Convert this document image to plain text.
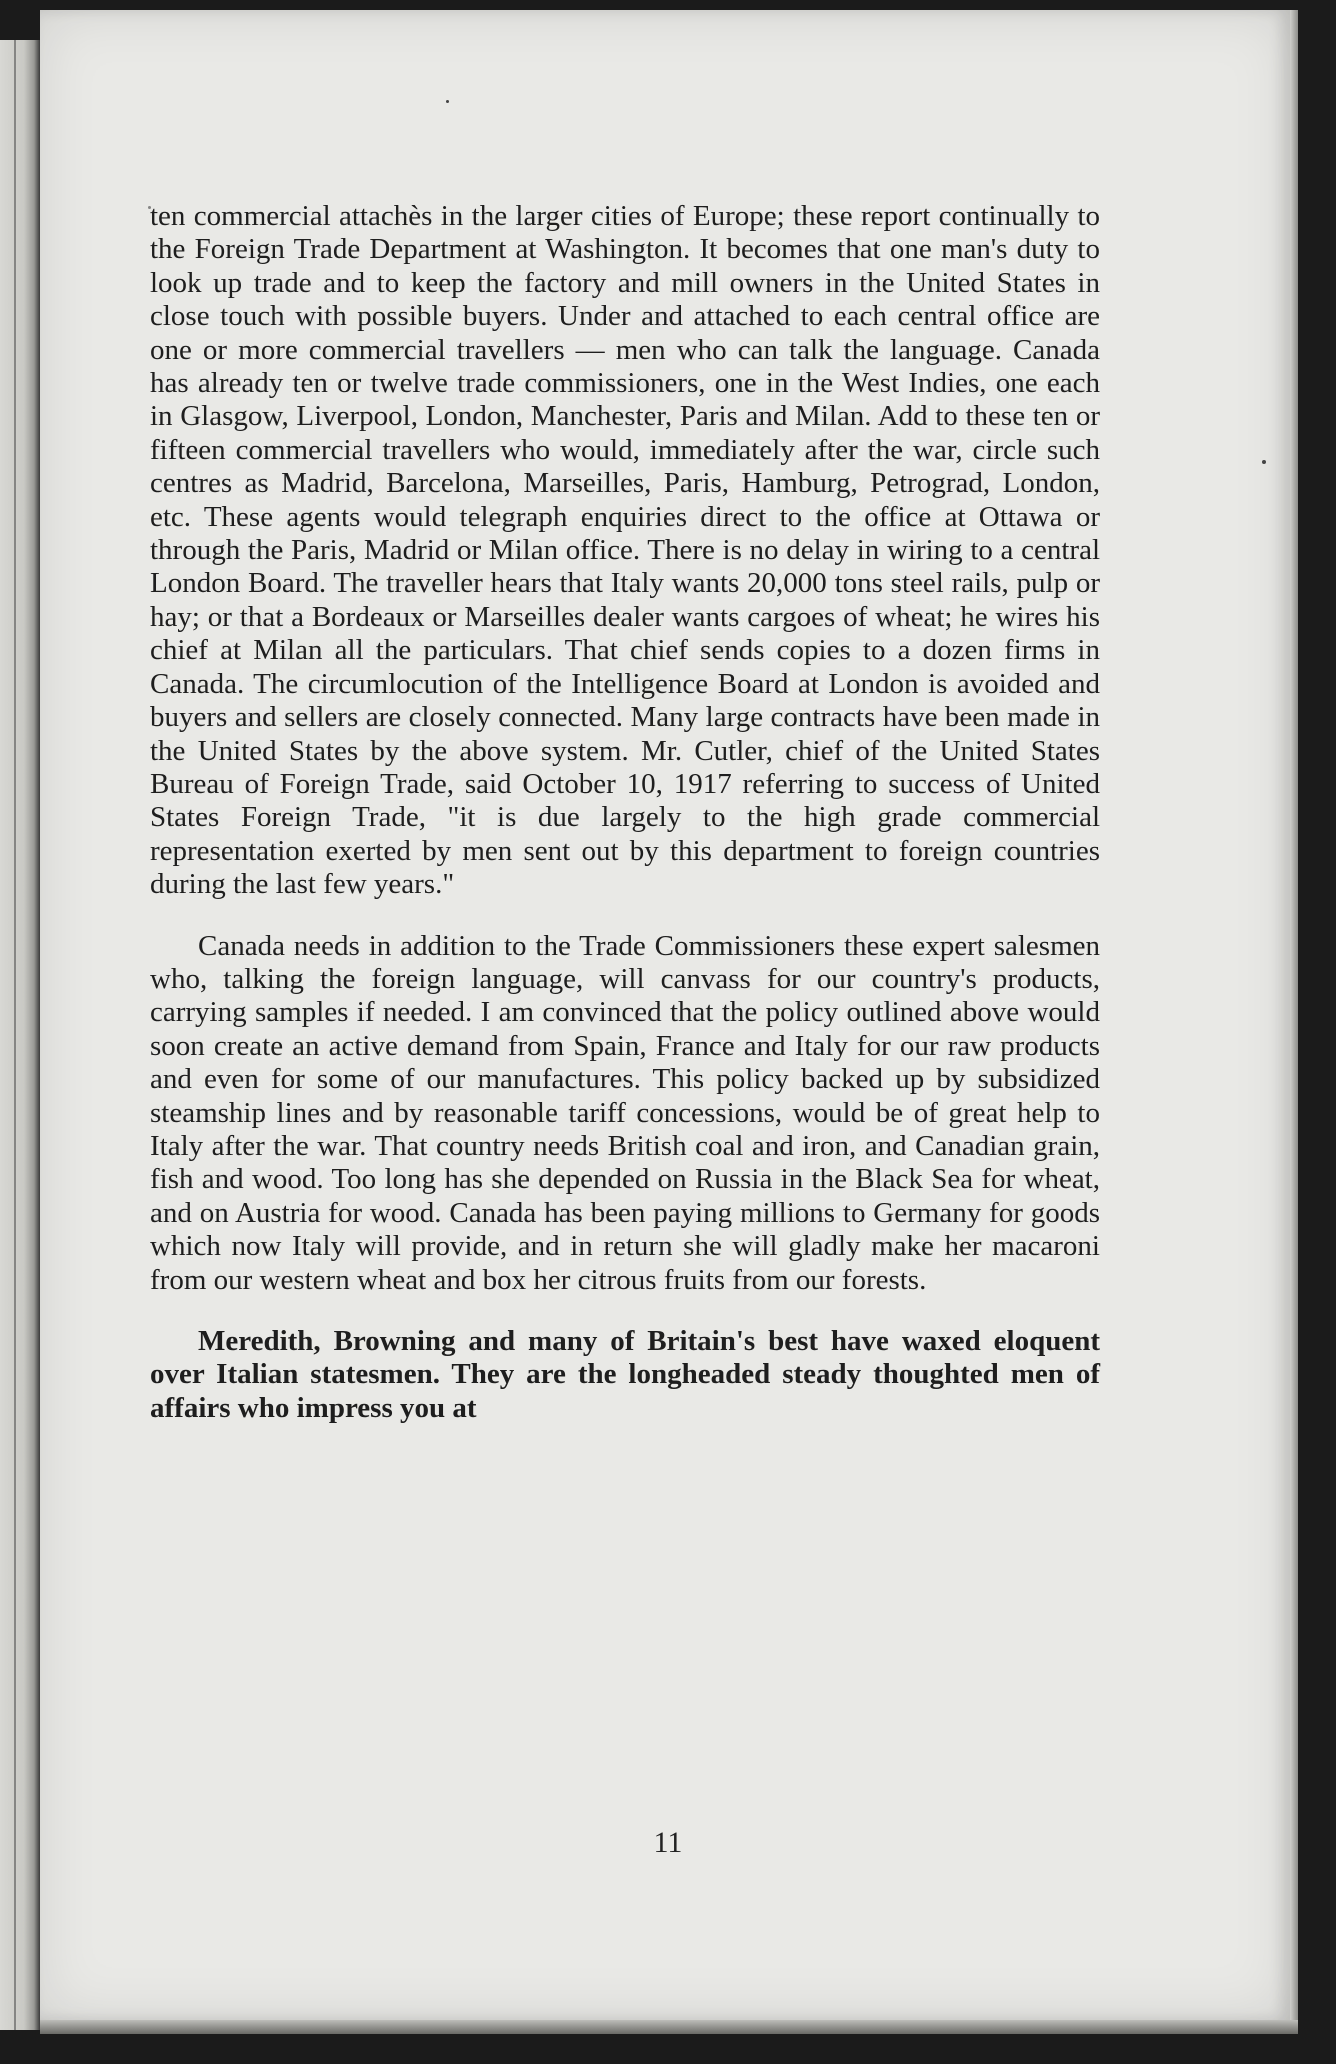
ten commercial attachès in the larger cities of Europe; these report continually to the Foreign Trade Department at Washington. It becomes that one man's duty to look up trade and to keep the factory and mill owners in the United States in close touch with possible buyers. Under and attached to each central office are one or more commercial travellers — men who can talk the language. Canada has already ten or twelve trade commissioners, one in the West Indies, one each in Glasgow, Liverpool, London, Manchester, Paris and Milan. Add to these ten or fifteen commercial travellers who would, immediately after the war, circle such centres as Madrid, Barcelona, Marseilles, Paris, Hamburg, Petrograd, London, etc. These agents would telegraph enquiries direct to the office at Ottawa or through the Paris, Madrid or Milan office. There is no delay in wiring to a central London Board. The traveller hears that Italy wants 20,000 tons steel rails, pulp or hay; or that a Bordeaux or Marseilles dealer wants cargoes of wheat; he wires his chief at Milan all the particulars. That chief sends copies to a dozen firms in Canada. The circumlocution of the Intelligence Board at London is avoided and buyers and sellers are closely connected. Many large contracts have been made in the United States by the above system. Mr. Cutler, chief of the United States Bureau of Foreign Trade, said October 10, 1917 referring to success of United States Foreign Trade, "it is due largely to the high grade commercial representation exerted by men sent out by this department to foreign countries during the last few years."

Canada needs in addition to the Trade Commissioners these expert salesmen who, talking the foreign language, will canvass for our country's products, carrying samples if needed. I am convinced that the policy outlined above would soon create an active demand from Spain, France and Italy for our raw products and even for some of our manufactures. This policy backed up by subsidized steamship lines and by reasonable tariff concessions, would be of great help to Italy after the war. That country needs British coal and iron, and Canadian grain, fish and wood. Too long has she depended on Russia in the Black Sea for wheat, and on Austria for wood. Canada has been paying millions to Germany for goods which now Italy will provide, and in return she will gladly make her macaroni from our western wheat and box her citrous fruits from our forests.

Meredith, Browning and many of Britain's best have waxed eloquent over Italian statesmen. They are the longheaded steady thoughted men of affairs who impress you at

11
